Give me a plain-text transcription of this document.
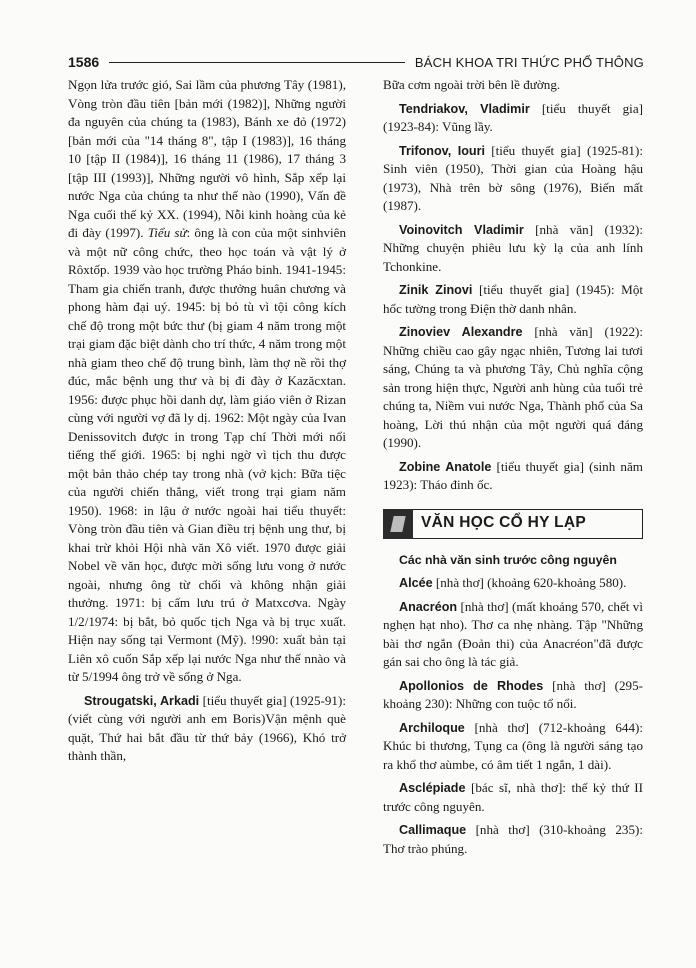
1586	BÁCH KHOA TRI THỨC PHỔ THÔNG

Ngọn lửa trước gió, Sai lầm của phương Tây (1981), Vòng tròn đầu tiên [bản mới (1982)], Những người đa nguyên của chúng ta (1983), Bánh xe đỏ (1972) [bản mới của "14 tháng 8", tập I (1983)], 16 tháng 10 [tập II (1984)], 16 tháng 11 (1986), 17 tháng 3 [tập III (1993)], Những người vô hình, Sắp xếp lại nước Nga của chúng ta như thế nào (1990), Vấn đề Nga cuối thế kỷ XX. (1994), Nỗi kinh hoàng của kẻ đi đày (1997). Tiểu sử: ông là con của một sinhviên và một nữ công chức, theo học toán và vật lý ở Rôxtốp. 1939 vào học trường Pháo binh. 1941-1945: Tham gia chiến tranh, được thưởng huân chương và phong hàm đại uý. 1945: bị bỏ tù vì tội công kích chế độ trong một bức thư (bị giam 4 năm trong một trại giam đặc biệt dành cho trí thức, 4 năm trong một nhà giam theo chế độ trung bình, làm thợ nề rồi thợ đúc, mắc bệnh ung thư và bị đi đày ở Kazăcxtan. 1956: được phục hồi danh dự, làm giáo viên ở Rizan cùng với người vợ đã ly dị. 1962: Một ngày của Ivan Denissovitch được in trong Tạp chí Thời mới nổi tiếng thế giới. 1965: bị nghi ngờ vì tịch thu được một bản thảo chép tay trong nhà (vở kịch: Bữa tiệc của người chiến thắng, viết trong trại giam năm 1950). 1968: in lậu ở nước ngoài hai tiểu thuyết: Vòng tròn đầu tiên và Gian điều trị bệnh ung thư, bị khai trừ khỏi Hội nhà văn Xô viết. 1970 được giải Nobel về văn học, được mời sống lưu vong ở nước ngoài, nhưng ông từ chối và không nhận giải thưởng. 1971: bị cấm lưu trú ở Matxcơva. Ngày 1/2/1974: bị bắt, bỏ quốc tịch Nga và bị trục xuất. Hiện nay sống tại Vermont (Mỹ). !990: xuất bản tại Liên xô cuốn Sắp xếp lại nước Nga như thế nnào và từ 5/1994 ông trở về sống ở Nga.

Strougatski, Arkadi [tiểu thuyết gia] (1925-91): (viết cùng với người anh em Boris)Vận mệnh què quặt, Thứ hai bắt đầu từ thứ bảy (1966), Khó trở thành thần,

Bữa cơm ngoài trời bên lề đường.

Tendriakov, Vladimir [tiểu thuyết gia] (1923-84): Vũng lầy.

Trifonov, Iouri [tiểu thuyết gia] (1925-81): Sinh viên (1950), Thời gian của Hoàng hậu (1973), Nhà trên bờ sông (1976), Biến mất (1987).

Voinovitch Vladimir [nhà văn] (1932): Những chuyện phiêu lưu kỳ lạ của anh lính Tchonkine.

Zinik Zinovi [tiểu thuyết gia] (1945): Một hốc tường trong Điện thờ danh nhân.

Zinoviev Alexandre [nhà văn] (1922): Những chiều cao gây ngạc nhiên, Tương lai tươi sáng, Chúng ta và phương Tây, Chủ nghĩa cộng sản trong hiện thực, Người anh hùng của tuổi trẻ chúng ta, Niềm vui nước Nga, Thành phố của Sa hoàng, Lời thú nhận của một người quá đáng (1990).

Zobine Anatole [tiểu thuyết gia] (sinh năm 1923): Tháo đinh ốc.

VĂN HỌC CỔ HY LẠP

Các nhà văn sinh trước công nguyên

Alcée [nhà thơ] (khoảng 620-khoảng 580).

Anacréon [nhà thơ] (mất khoảng 570, chết vì nghẹn hạt nho). Thơ ca nhẹ nhàng. Tập "Những bài thơ ngắn (Đoản thi) của Anacréon"đã được gán sai cho ông là tác giả.

Apollonios de Rhodes [nhà thơ] (295-khoảng 230): Những con tuộc tổ nổi.

Archiloque [nhà thơ] (712-khoảng 644): Khúc bi thương, Tụng ca (ông là người sáng tạo ra khổ thơ aùmbe, có âm tiết 1 ngắn, 1 dài).

Asclépiade [bác sĩ, nhà thơ]: thế kỷ thứ II trước công nguyên.

Callimaque [nhà thơ] (310-khoảng 235): Thơ trào phúng.
